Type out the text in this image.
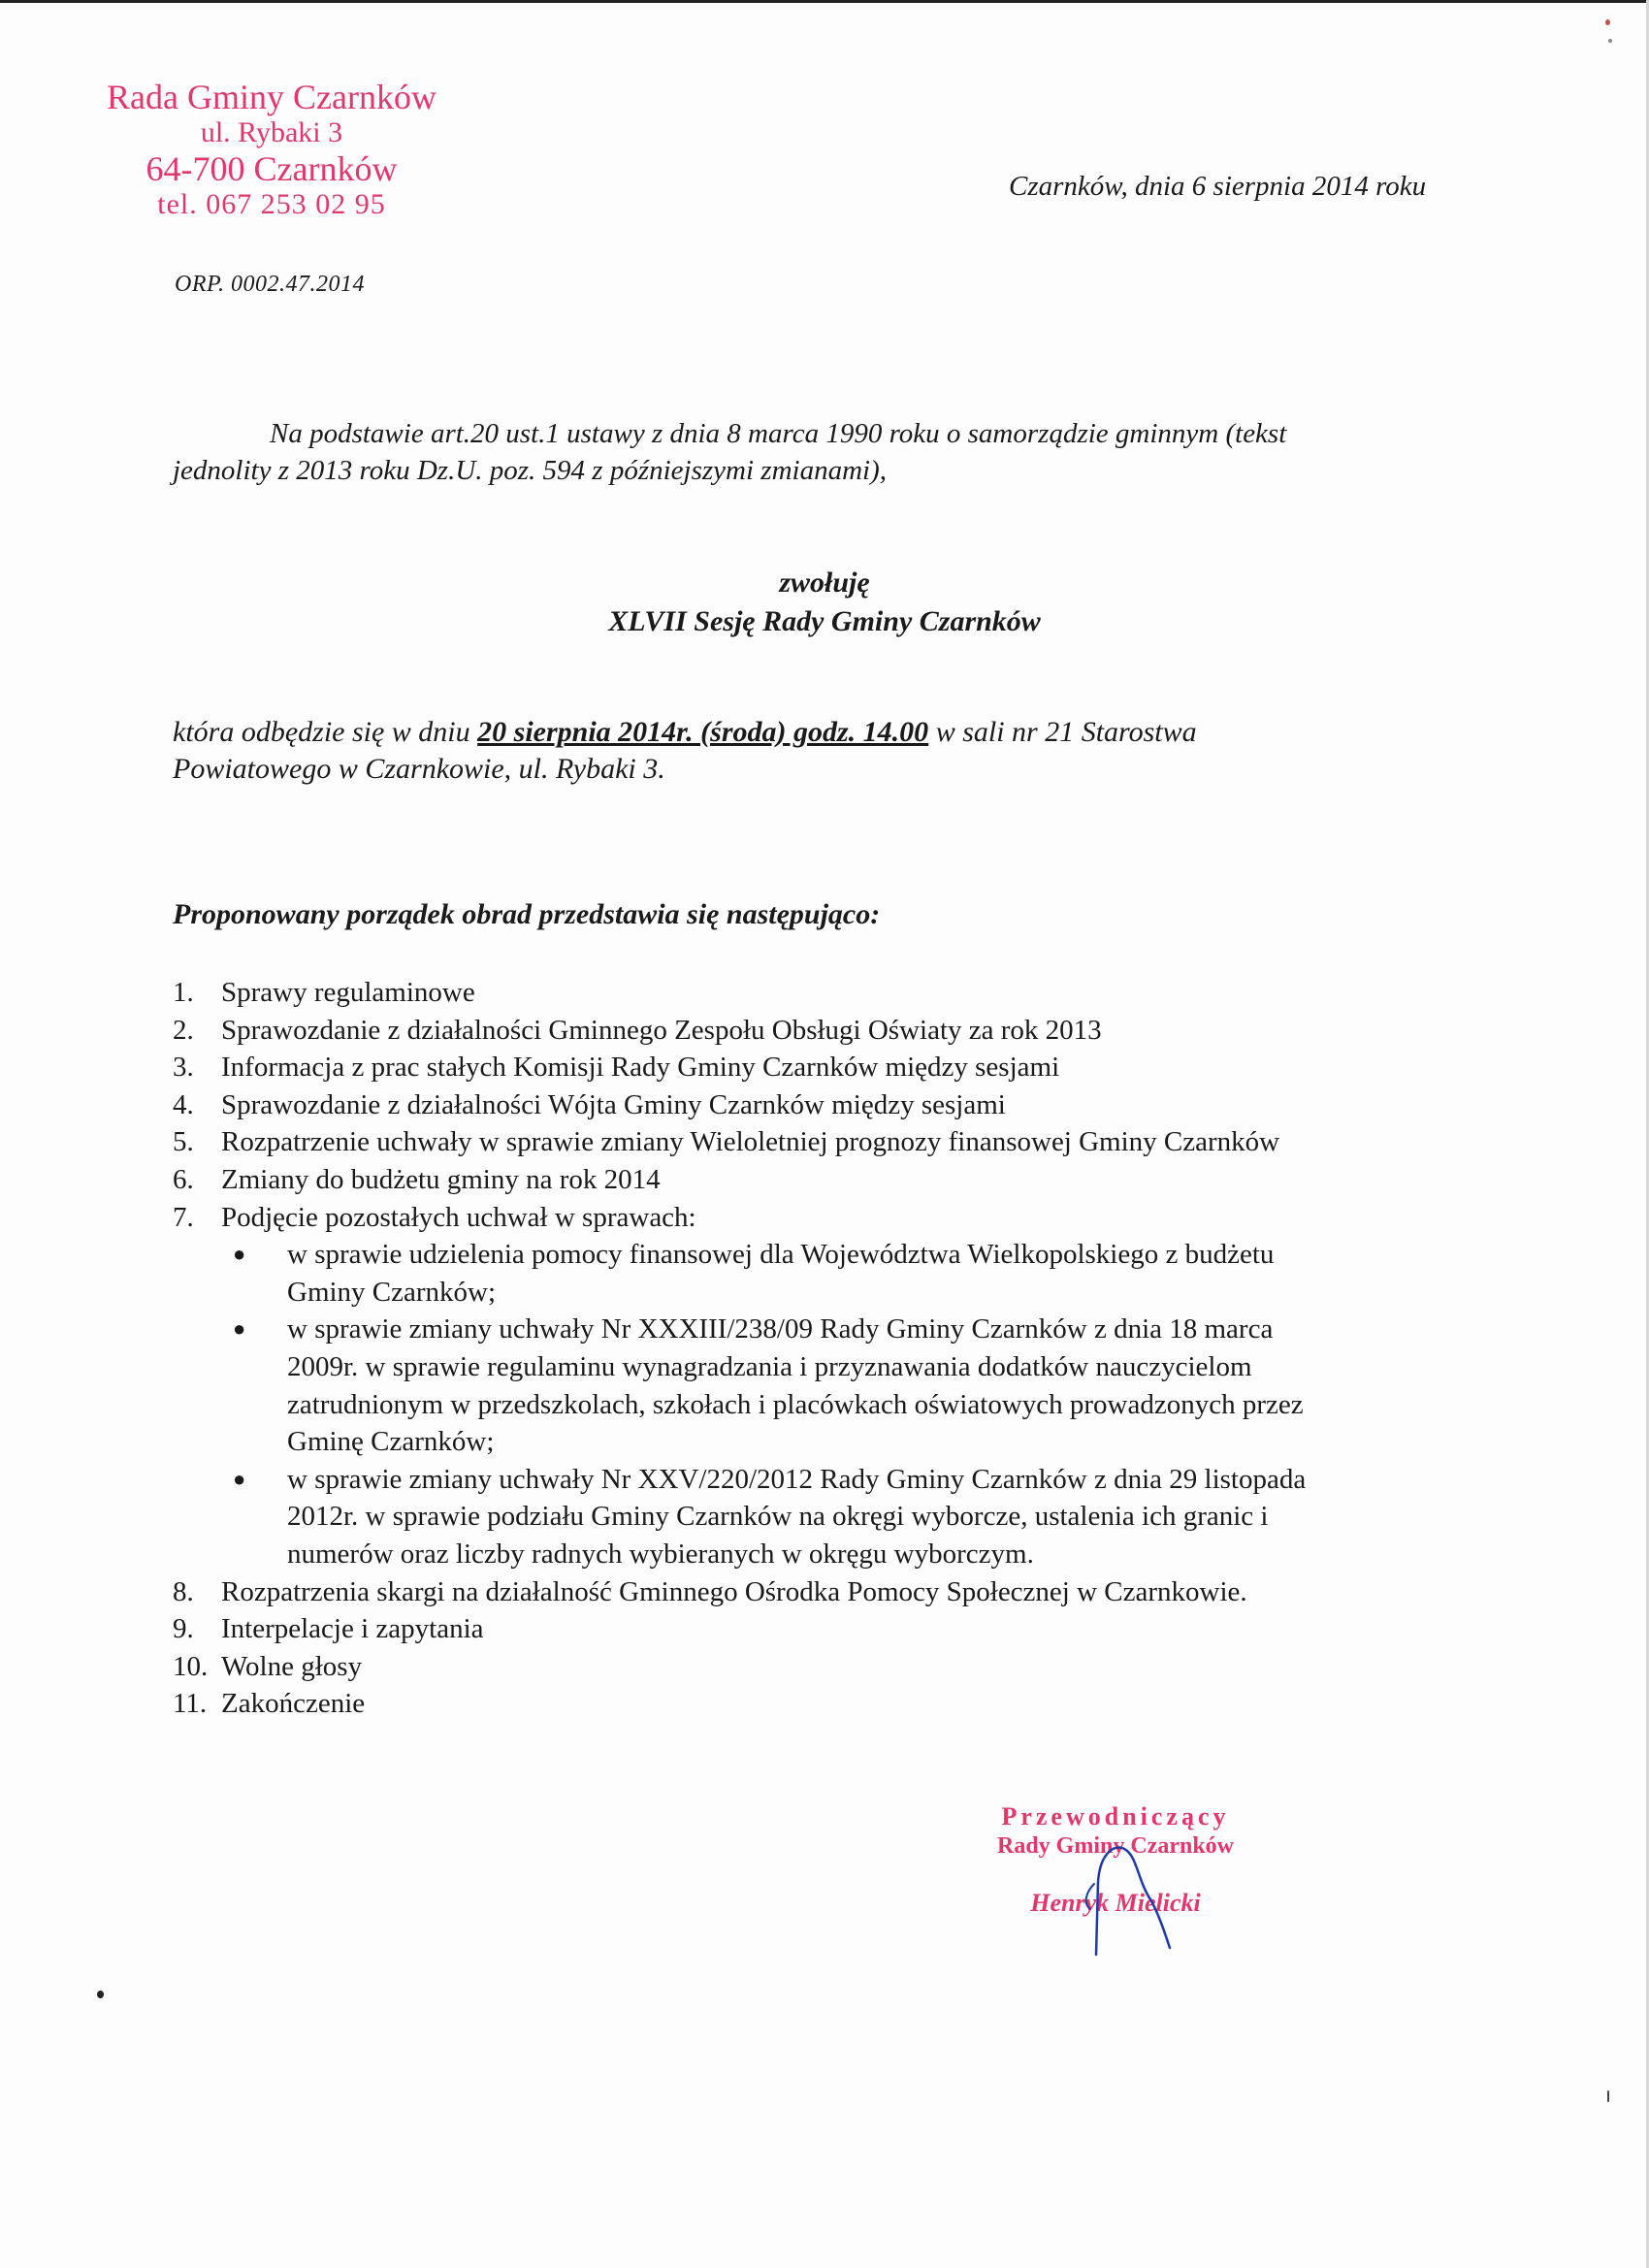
Rada Gminy Czarnków
ul. Rybaki 3
64-700 Czarnków
tel. 067 253 02 95
Czarnków, dnia 6 sierpnia 2014 roku
ORP. 0002.47.2014
Na podstawie art.20 ust.1 ustawy z dnia 8 marca 1990 roku o samorządzie gminnym (tekst
jednolity z 2013 roku Dz.U. poz. 594 z późniejszymi zmianami),
zwołuję
XLVII Sesję Rady Gminy Czarnków
która odbędzie się w dniu 20 sierpnia 2014r. (środa) godz. 14.00 w sali nr 21 Starostwa
Powiatowego w Czarnkowie, ul. Rybaki 3.
Proponowany porządek obrad przedstawia się następująco:
1. Sprawy regulaminowe
2. Sprawozdanie z działalności Gminnego Zespołu Obsługi Oświaty za rok 2013
3. Informacja z prac stałych Komisji Rady Gminy Czarnków między sesjami
4. Sprawozdanie z działalności Wójta Gminy Czarnków między sesjami
5. Rozpatrzenie uchwały w sprawie zmiany Wieloletniej prognozy finansowej Gminy Czarnków
6. Zmiany do budżetu gminy na rok 2014
7. Podjęcie pozostałych uchwał w sprawach:
●	w sprawie udzielenia pomocy finansowej dla Województwa Wielkopolskiego z budżetu
Gminy Czarnków;
●	w sprawie zmiany uchwały Nr XXXIII/238/09 Rady Gminy Czarnków z dnia 18 marca
2009r. w sprawie regulaminu wynagradzania i przyznawania dodatków nauczycielom
zatrudnionym w przedszkolach, szkołach i placówkach oświatowych prowadzonych przez
Gminę Czarnków;
●	w sprawie zmiany uchwały Nr XXV/220/2012 Rady Gminy Czarnków z dnia 29 listopada
2012r. w sprawie podziału Gminy Czarnków na okręgi wyborcze, ustalenia ich granic i
numerów oraz liczby radnych wybieranych w okręgu wyborczym.
8. Rozpatrzenia skargi na działalność Gminnego Ośrodka Pomocy Społecznej w Czarnkowie.
9. Interpelacje i zapytania
10. Wolne głosy
11. Zakończenie
Przewodniczący
Rady Gminy Czarnków
Henryk Mielicki
